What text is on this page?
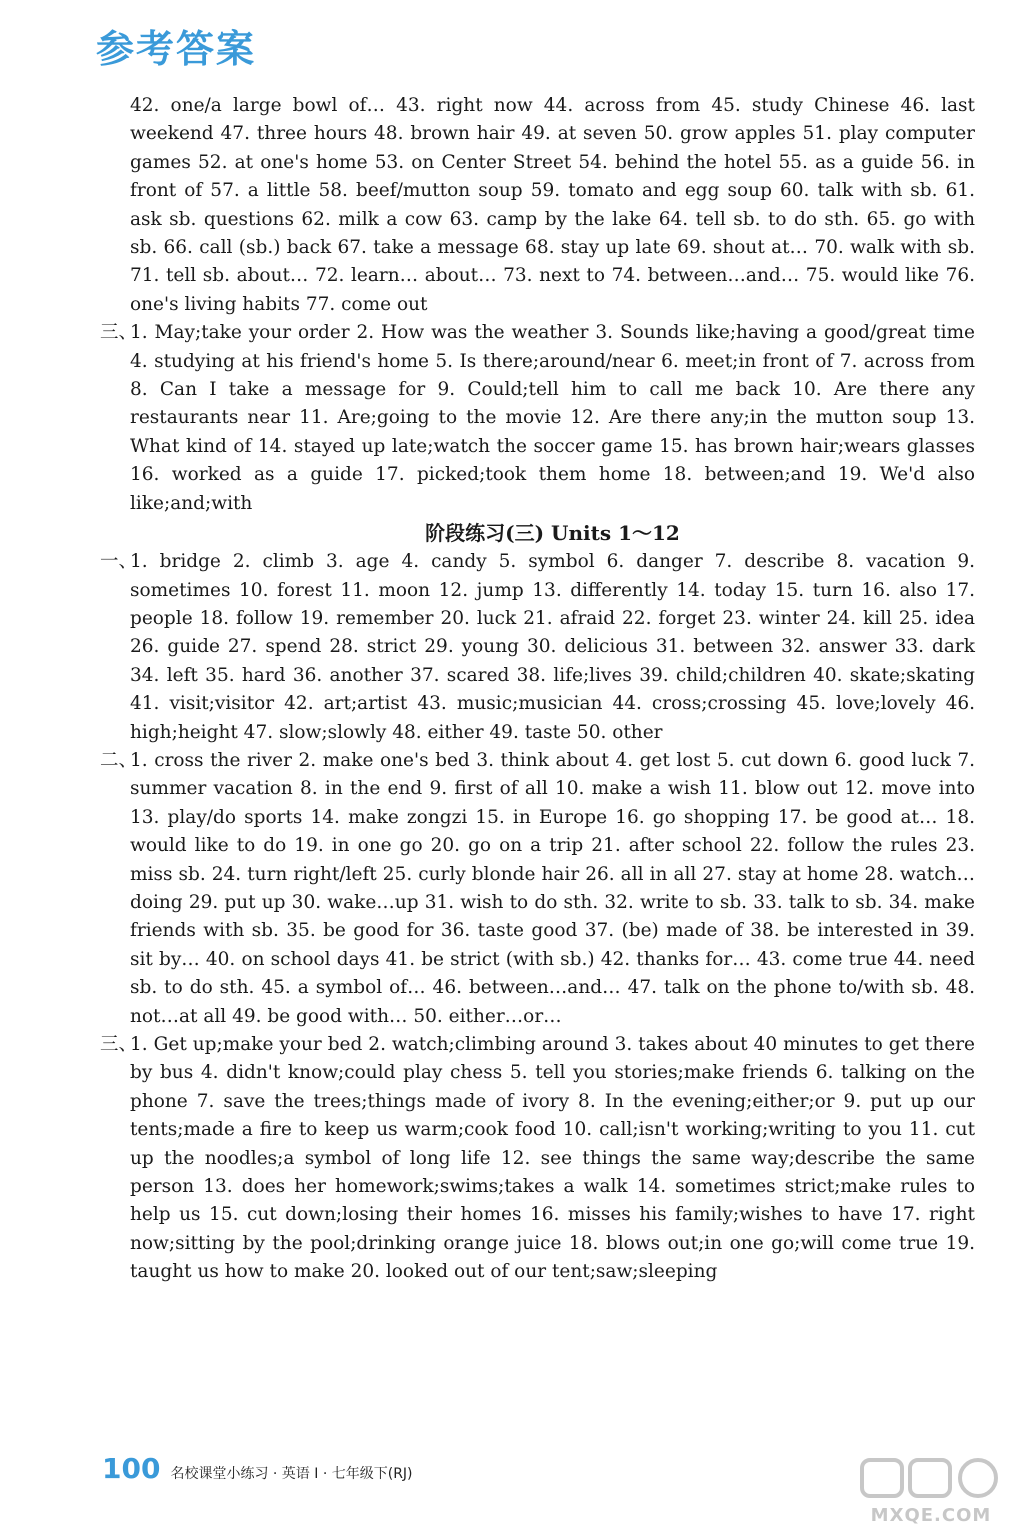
参考答案

42. one/a large bowl of… 43. right now 44. across from 45. study Chinese 46. last weekend 47. three hours 48. brown hair 49. at seven 50. grow apples 51. play computer games 52. at one's home 53. on Center Street 54. behind the hotel 55. as a guide 56. in front of 57. a little 58. beef/mutton soup 59. tomato and egg soup 60. talk with sb. 61. ask sb. questions 62. milk a cow 63. camp by the lake 64. tell sb. to do sth. 65. go with sb. 66. call (sb.) back 67. take a message 68. stay up late 69. shout at… 70. walk with sb. 71. tell sb. about… 72. learn… about… 73. next to 74. between…and… 75. would like 76. one's living habits 77. come out

三、1. May;take your order 2. How was the weather 3. Sounds like;having a good/great time 4. studying at his friend's home 5. Is there;around/near 6. meet;in front of 7. across from 8. Can I take a message for 9. Could;tell him to call me back 10. Are there any restaurants near 11. Are;going to the movie 12. Are there any;in the mutton soup 13. What kind of 14. stayed up late;watch the soccer game 15. has brown hair;wears glasses 16. worked as a guide 17. picked;took them home 18. between;and 19. We'd also like;and;with

阶段练习(三) Units 1～12

一、1. bridge 2. climb 3. age 4. candy 5. symbol 6. danger 7. describe 8. vacation 9. sometimes 10. forest 11. moon 12. jump 13. differently 14. today 15. turn 16. also 17. people 18. follow 19. remember 20. luck 21. afraid 22. forget 23. winter 24. kill 25. idea 26. guide 27. spend 28. strict 29. young 30. delicious 31. between 32. answer 33. dark 34. left 35. hard 36. another 37. scared 38. life;lives 39. child;children 40. skate;skating 41. visit;visitor 42. art;artist 43. music;musician 44. cross;crossing 45. love;lovely 46. high;height 47. slow;slowly 48. either 49. taste 50. other

二、1. cross the river 2. make one's bed 3. think about 4. get lost 5. cut down 6. good luck 7. summer vacation 8. in the end 9. first of all 10. make a wish 11. blow out 12. move into 13. play/do sports 14. make zongzi 15. in Europe 16. go shopping 17. be good at… 18. would like to do 19. in one go 20. go on a trip 21. after school 22. follow the rules 23. miss sb. 24. turn right/left 25. curly blonde hair 26. all in all 27. stay at home 28. watch…doing 29. put up 30. wake…up 31. wish to do sth. 32. write to sb. 33. talk to sb. 34. make friends with sb. 35. be good for 36. taste good 37. (be) made of 38. be interested in 39. sit by… 40. on school days 41. be strict (with sb.) 42. thanks for… 43. come true 44. need sb. to do sth. 45. a symbol of… 46. between…and… 47. talk on the phone to/with sb. 48. not…at all 49. be good with… 50. either…or…

三、1. Get up;make your bed 2. watch;climbing around 3. takes about 40 minutes to get there by bus 4. didn't know;could play chess 5. tell you stories;make friends 6. talking on the phone 7. save the trees;things made of ivory 8. In the evening;either;or 9. put up our tents;made a fire to keep us warm;cook food 10. call;isn't working;writing to you 11. cut up the noodles;a symbol of long life 12. see things the same way;describe the same person 13. does her homework;swims;takes a walk 14. sometimes strict;make rules to help us 15. cut down;losing their homes 16. misses his family;wishes to have 17. right now;sitting by the pool;drinking orange juice 18. blows out;in one go;will come true 19. taught us how to make 20. looked out of our tent;saw;sleeping

100 名校课堂小练习 · 英语 Ⅰ · 七年级下(RJ)
MXQE.COM
